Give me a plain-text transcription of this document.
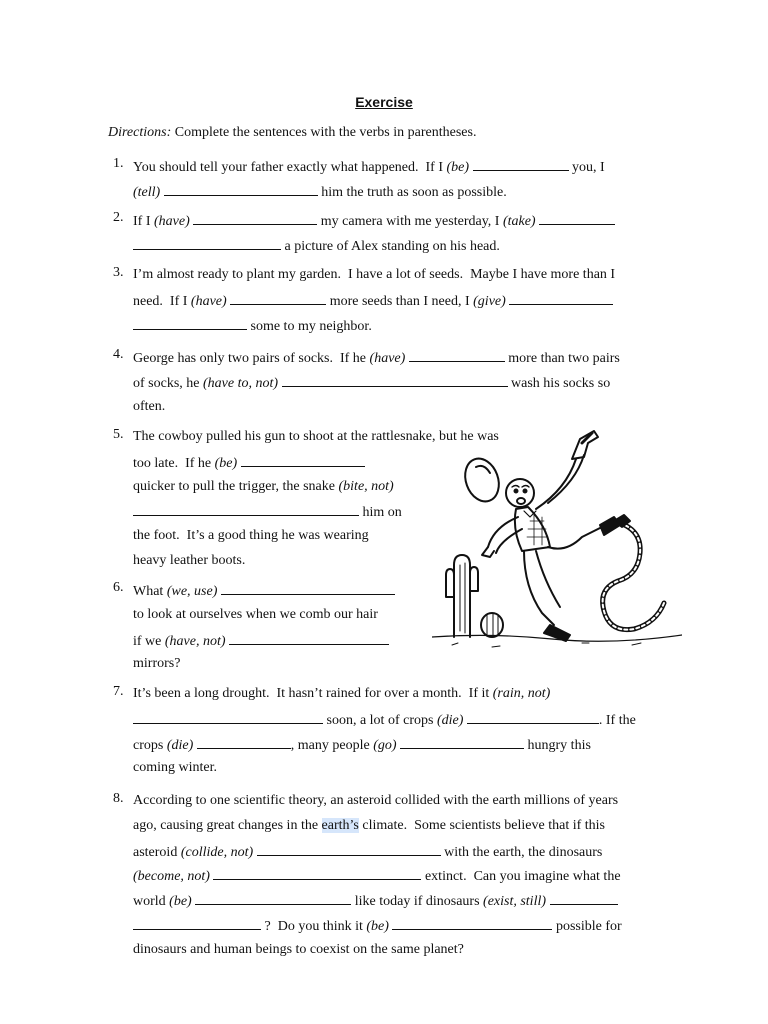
Exercise
Directions: Complete the sentences with the verbs in parentheses.
1. You should tell your father exactly what happened.  If I (be)	you, I
(tell)	him the truth as soon as possible.
2. If I (have)	my camera with me yesterday, I (take)
a picture of Alex standing on his head.
3. I’m almost ready to plant my garden.  I have a lot of seeds.  Maybe I have more than I
need.  If I (have)	more seeds than I need, I (give)
some to my neighbor.
4. George has only two pairs of socks.  If he (have)	more than two pairs
of socks, he (have to, not)	wash his socks so
often.
5. The cowboy pulled his gun to shoot at the rattlesnake, but he was
too late.  If he (be)
quicker to pull the trigger, the snake (bite, not)
him on
the foot.  It’s a good thing he was wearing
heavy leather boots.
6. What (we, use)
to look at ourselves when we comb our hair
if we (have, not)
mirrors?
7. It’s been a long drought.  It hasn’t rained for over a month.  If it (rain, not)
soon, a lot of crops (die)	. If the
crops (die)	, many people (go)	hungry this
coming winter.
8. According to one scientific theory, an asteroid collided with the earth millions of years
ago, causing great changes in the earth’s climate.  Some scientists believe that if this
asteroid (collide, not)	with the earth, the dinosaurs
(become, not)	extinct.  Can you imagine what the
world (be)	like today if dinosaurs (exist, still)
?  Do you think it (be)	possible for
dinosaurs and human beings to coexist on the same planet?
